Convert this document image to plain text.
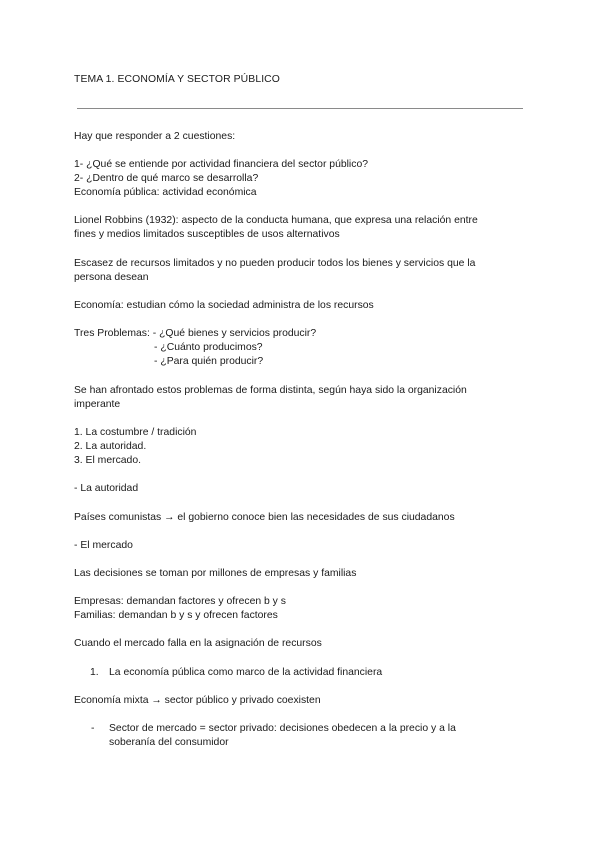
TEMA 1. ECONOMÍA Y SECTOR PÚBLICO
Hay que responder a 2 cuestiones:
1- ¿Qué se entiende por actividad financiera del sector público?
2- ¿Dentro de qué marco se desarrolla?
Economía pública: actividad económica
Lionel Robbins (1932): aspecto de la conducta humana, que expresa una relación entre
fines y medios limitados susceptibles de usos alternativos
Escasez de recursos limitados y no pueden producir todos los bienes y servicios que la
persona desean
Economía: estudian cómo la sociedad administra de los recursos
Tres Problemas: - ¿Qué bienes y servicios producir?
- ¿Cuánto producimos?
- ¿Para quién producir?
Se han afrontado estos problemas de forma distinta, según haya sido la organización
imperante
1. La costumbre / tradición
2. La autoridad.
3. El mercado.
- La autoridad
Países comunistas → el gobierno conoce bien las necesidades de sus ciudadanos
- El mercado
Las decisiones se toman por millones de empresas y familias
Empresas: demandan factores y ofrecen b y s
Familias: demandan b y s y ofrecen factores
Cuando el mercado falla en la asignación de recursos
1. La economía pública como marco de la actividad financiera
Economía mixta → sector público y privado coexisten
- Sector de mercado = sector privado: decisiones obedecen a la precio y a la
soberanía del consumidor
